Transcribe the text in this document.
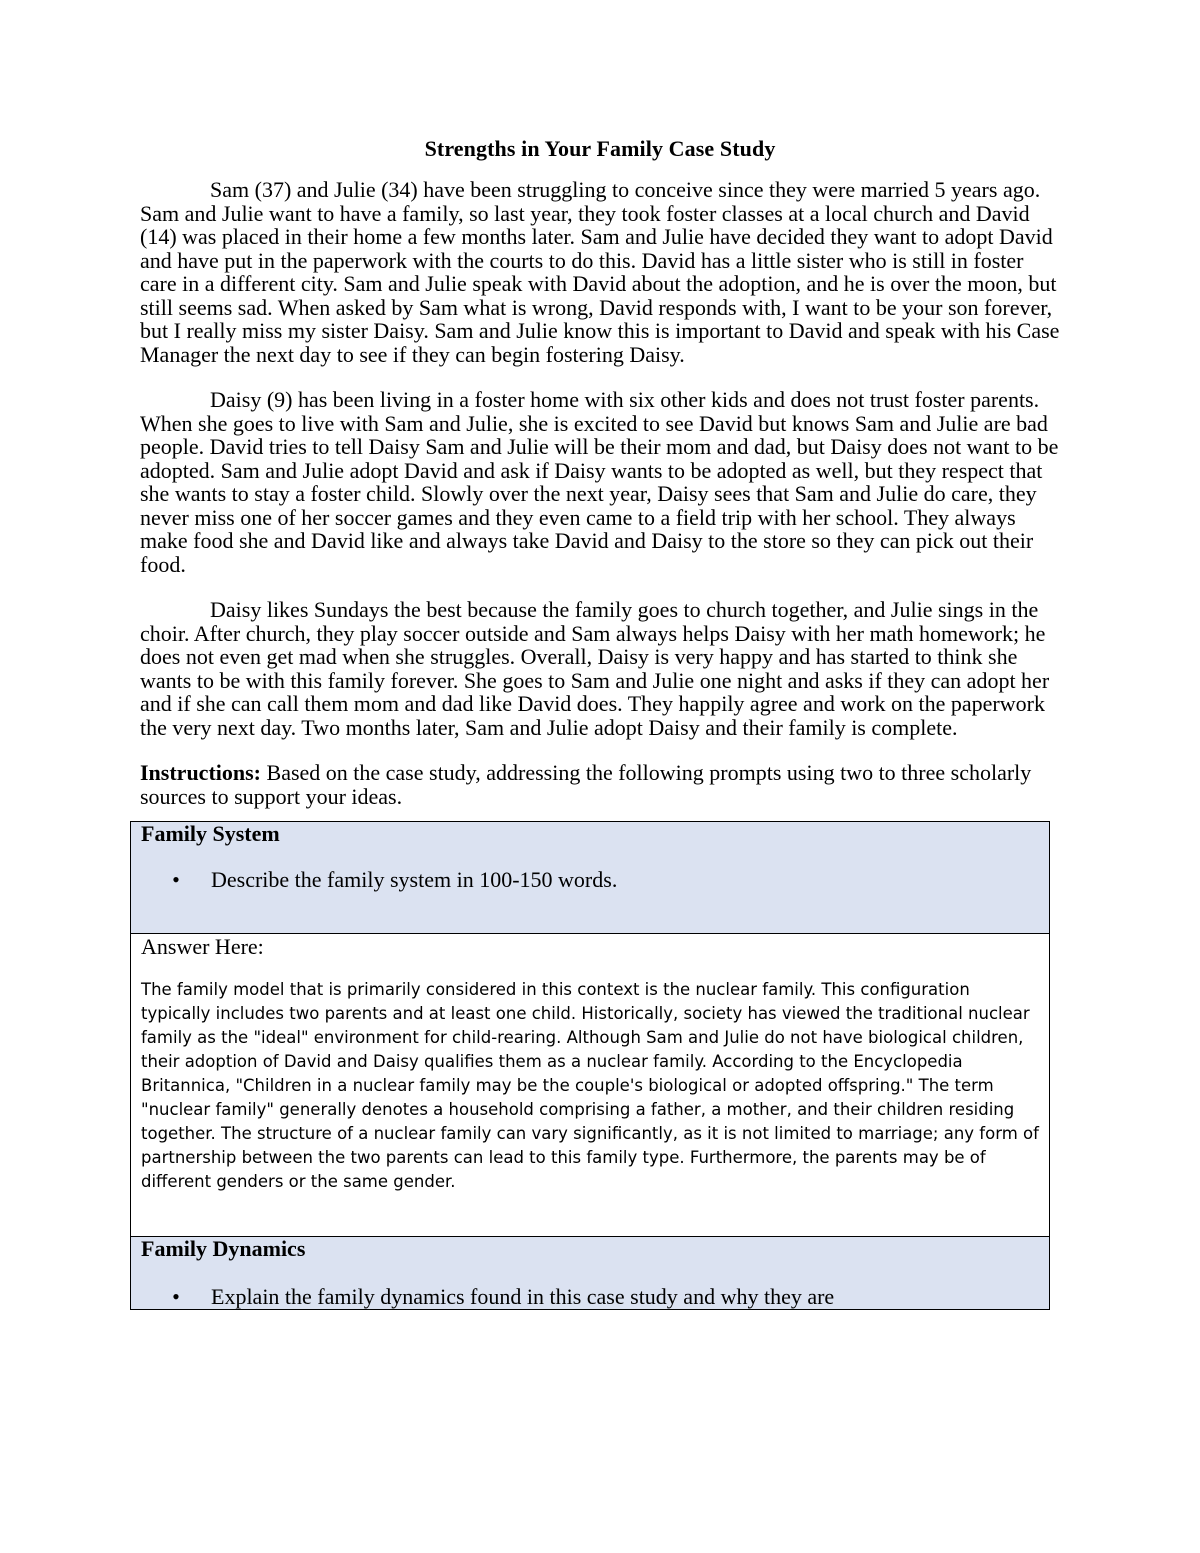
Strengths in Your Family Case Study

Sam (37) and Julie (34) have been struggling to conceive since they were married 5 years ago. Sam and Julie want to have a family, so last year, they took foster classes at a local church and David (14) was placed in their home a few months later. Sam and Julie have decided they want to adopt David and have put in the paperwork with the courts to do this. David has a little sister who is still in foster care in a different city. Sam and Julie speak with David about the adoption, and he is over the moon, but still seems sad. When asked by Sam what is wrong, David responds with, I want to be your son forever, but I really miss my sister Daisy. Sam and Julie know this is important to David and speak with his Case Manager the next day to see if they can begin fostering Daisy.

Daisy (9) has been living in a foster home with six other kids and does not trust foster parents. When she goes to live with Sam and Julie, she is excited to see David but knows Sam and Julie are bad people. David tries to tell Daisy Sam and Julie will be their mom and dad, but Daisy does not want to be adopted. Sam and Julie adopt David and ask if Daisy wants to be adopted as well, but they respect that she wants to stay a foster child. Slowly over the next year, Daisy sees that Sam and Julie do care, they never miss one of her soccer games and they even came to a field trip with her school. They always make food she and David like and always take David and Daisy to the store so they can pick out their food.

Daisy likes Sundays the best because the family goes to church together, and Julie sings in the choir. After church, they play soccer outside and Sam always helps Daisy with her math homework; he does not even get mad when she struggles. Overall, Daisy is very happy and has started to think she wants to be with this family forever. She goes to Sam and Julie one night and asks if they can adopt her and if she can call them mom and dad like David does. They happily agree and work on the paperwork the very next day. Two months later, Sam and Julie adopt Daisy and their family is complete.

Instructions: Based on the case study, addressing the following prompts using two to three scholarly sources to support your ideas.

Family System

•	Describe the family system in 100-150 words.

Answer Here:

The family model that is primarily considered in this context is the nuclear family. This configuration typically includes two parents and at least one child. Historically, society has viewed the traditional nuclear family as the "ideal" environment for child-rearing. Although Sam and Julie do not have biological children, their adoption of David and Daisy qualifies them as a nuclear family. According to the Encyclopedia Britannica, "Children in a nuclear family may be the couple's biological or adopted offspring." The term "nuclear family" generally denotes a household comprising a father, a mother, and their children residing together. The structure of a nuclear family can vary significantly, as it is not limited to marriage; any form of partnership between the two parents can lead to this family type. Furthermore, the parents may be of different genders or the same gender.

Family Dynamics

•	Explain the family dynamics found in this case study and why they are
